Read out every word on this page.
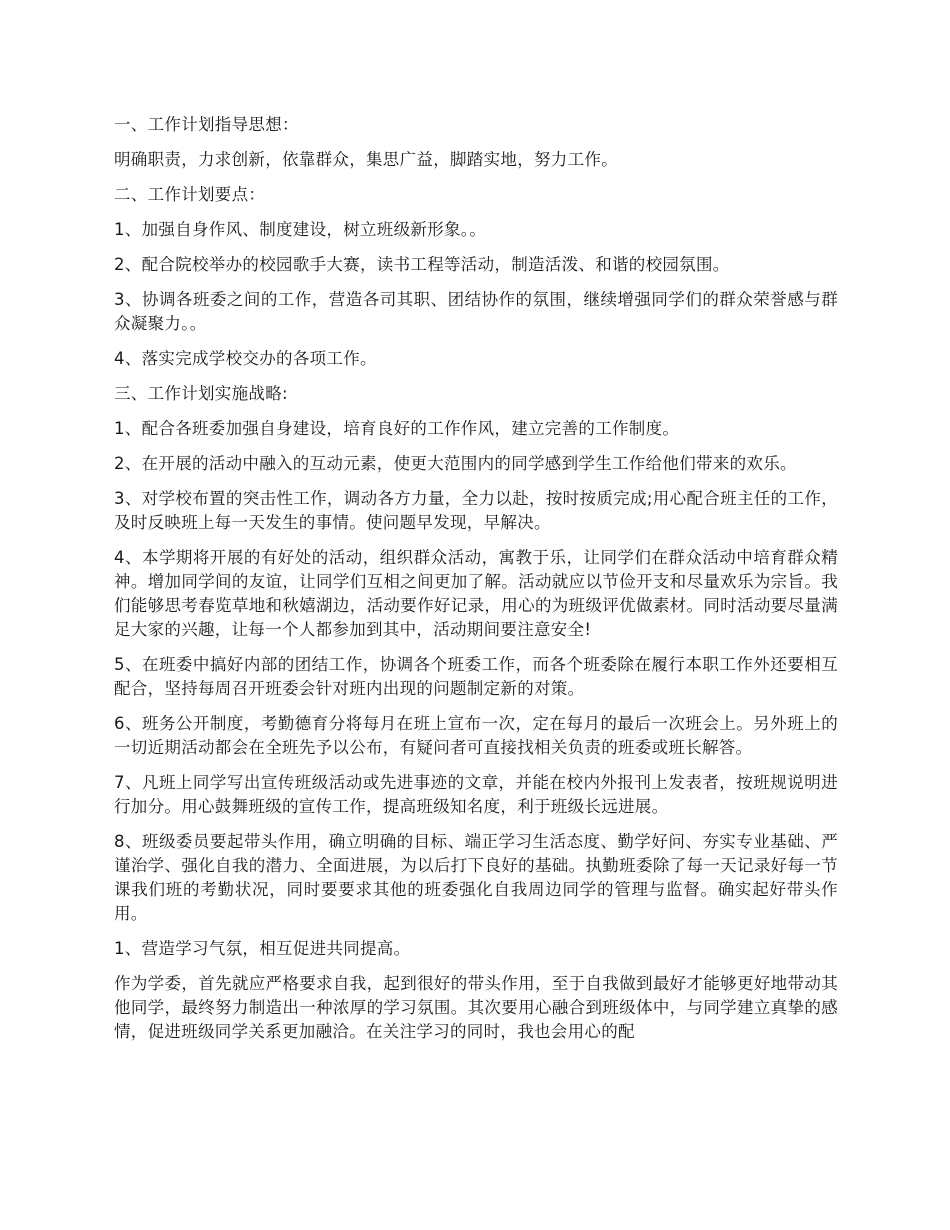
一、工作计划指导思想：

明确职责，力求创新，依靠群众，集思广益，脚踏实地，努力工作。

二、工作计划要点：

1、加强自身作风、制度建设，树立班级新形象。。

2、配合院校举办的校园歌手大赛，读书工程等活动，制造活泼、和谐的校园氛围。

3、协调各班委之间的工作，营造各司其职、团结协作的氛围，继续增强同学们的群众荣誉感与群众凝聚力。。

4、落实完成学校交办的各项工作。

三、工作计划实施战略:

1、配合各班委加强自身建设，培育良好的工作作风，建立完善的工作制度。

2、在开展的活动中融入的互动元素，使更大范围内的同学感到学生工作给他们带来的欢乐。

3、对学校布置的突击性工作，调动各方力量，全力以赴，按时按质完成;用心配合班主任的工作，及时反映班上每一天发生的事情。使问题早发现，早解决。

4、本学期将开展的有好处的活动，组织群众活动，寓教于乐，让同学们在群众活动中培育群众精神。增加同学间的友谊，让同学们互相之间更加了解。活动就应以节俭开支和尽量欢乐为宗旨。我们能够思考春览草地和秋嬉湖边，活动要作好记录，用心的为班级评优做素材。同时活动要尽量满足大家的兴趣，让每一个人都参加到其中，活动期间要注意安全!

5、在班委中搞好内部的团结工作，协调各个班委工作，而各个班委除在履行本职工作外还要相互配合，坚持每周召开班委会针对班内出现的问题制定新的对策。

6、班务公开制度，考勤德育分将每月在班上宣布一次，定在每月的最后一次班会上。另外班上的一切近期活动都会在全班先予以公布，有疑问者可直接找相关负责的班委或班长解答。

7、凡班上同学写出宣传班级活动或先进事迹的文章，并能在校内外报刊上发表者，按班规说明进行加分。用心鼓舞班级的宣传工作，提高班级知名度，利于班级长远进展。

8、班级委员要起带头作用，确立明确的目标、端正学习生活态度、勤学好问、夯实专业基础、严谨治学、强化自我的潜力、全面进展，为以后打下良好的基础。执勤班委除了每一天记录好每一节课我们班的考勤状况，同时要要求其他的班委强化自我周边同学的管理与监督。确实起好带头作用。

1、营造学习气氛，相互促进共同提高。

作为学委，首先就应严格要求自我，起到很好的带头作用，至于自我做到最好才能够更好地带动其他同学，最终努力制造出一种浓厚的学习氛围。其次要用心融合到班级体中，与同学建立真挚的感情，促进班级同学关系更加融洽。在关注学习的同时，我也会用心的配
